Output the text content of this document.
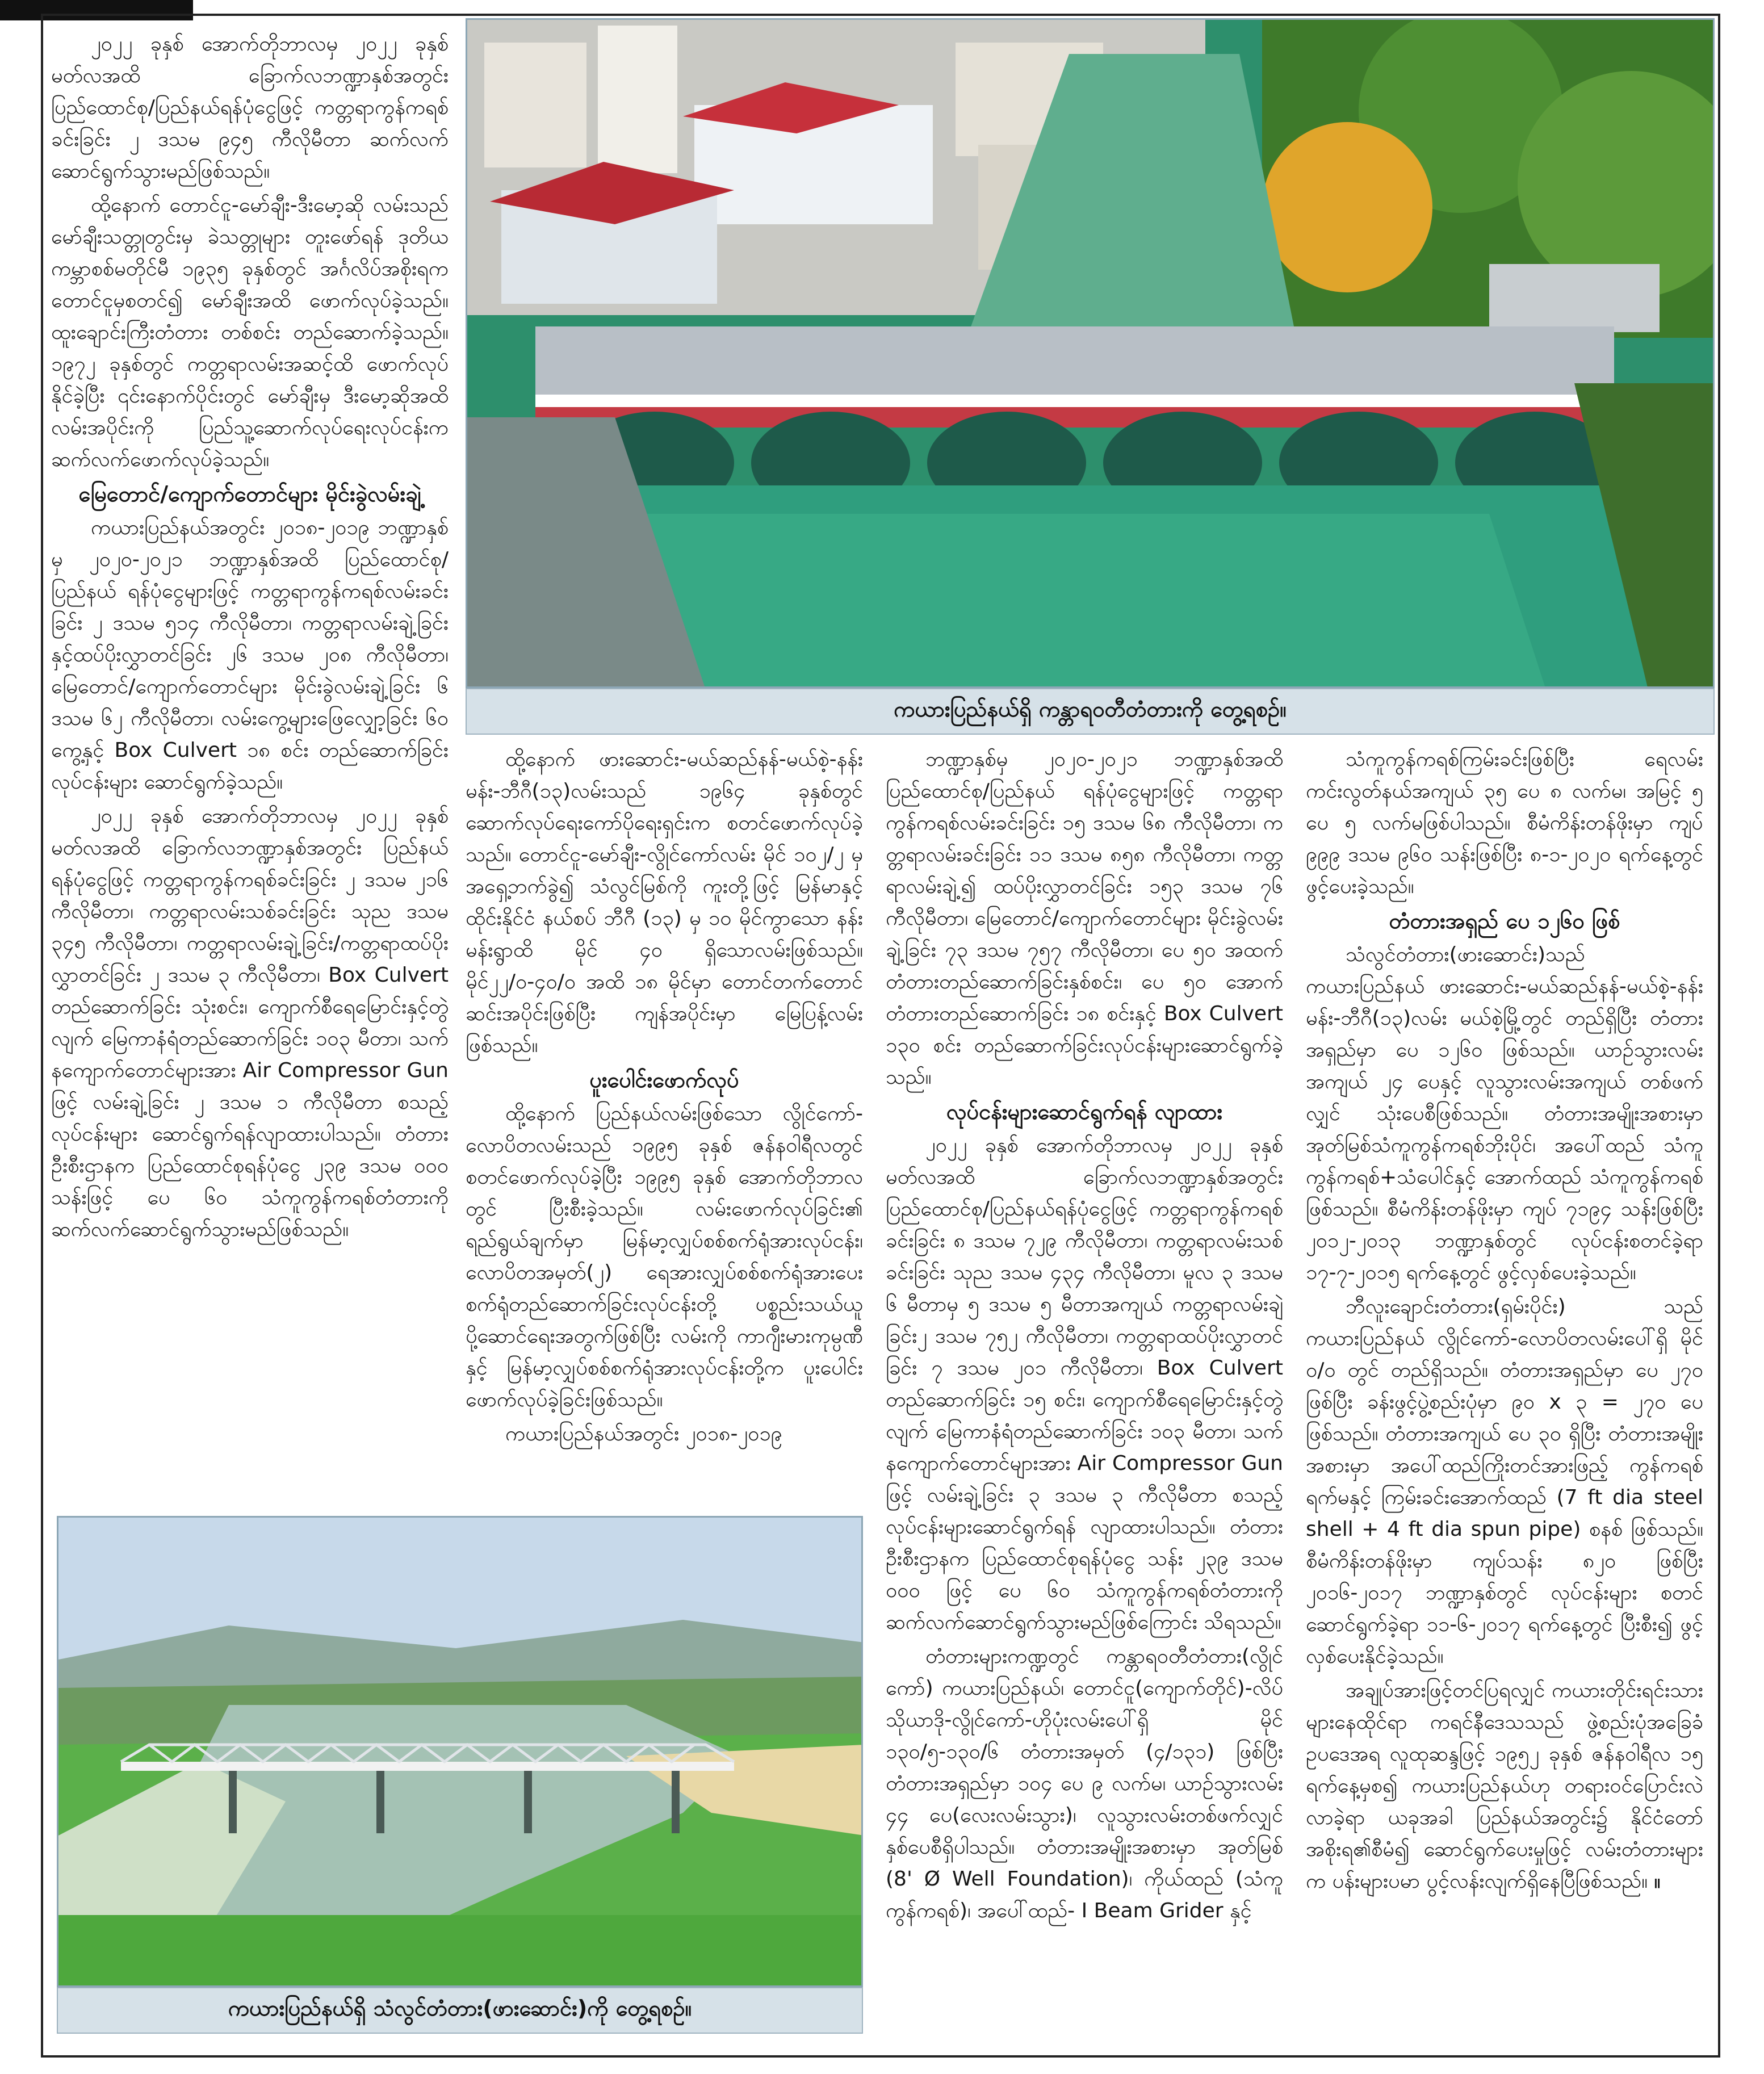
ကယားပြည်နယ်ရှိ ကန္တာရဝတီတံတားကို တွေ့ရစဉ်။

၂၀၂၂ ခုနှစ် အောက်တိုဘာလမှ ၂၀၂၂ ခုနှစ် မတ်လအထိ ခြောက်လဘဏ္ဍာနှစ်အတွင်း ပြည်ထောင်စု/ပြည်နယ်ရန်ပုံငွေဖြင့် ကတ္တရာကွန်ကရစ် ခင်းခြင်း ၂ ဒသမ ၉၄၅ ကီလိုမီတာ ဆက်လက်ဆောင်ရွက်သွားမည်ဖြစ်သည်။

ထို့နောက် တောင်ငူ-မော်ချီး-ဒီးမော့ဆို လမ်းသည် မော်ချီးသတ္တုတွင်းမှ ခဲသတ္တုများ တူးဖော်ရန် ဒုတိယကမ္ဘာစစ်မတိုင်မီ ၁၉၃၅ ခုနှစ်တွင် အင်္ဂလိပ်အစိုးရက တောင်ငူမှစတင်၍ မော်ချီးအထိ ဖောက်လုပ်ခဲ့သည်။ ထူးချောင်းကြီးတံတား တစ်စင်း တည်ဆောက်ခဲ့သည်။ ၁၉၇၂ ခုနှစ်တွင် ကတ္တရာလမ်းအဆင့်ထိ ဖောက်လုပ်နိုင်ခဲ့ပြီး ၎င်းနောက်ပိုင်းတွင် မော်ချီးမှ ဒီးမော့ဆိုအထိ လမ်းအပိုင်းကို ပြည်သူ့ဆောက်လုပ်ရေးလုပ်ငန်းက ဆက်လက်ဖောက်လုပ်ခဲ့သည်။

မြေတောင်/ကျောက်တောင်များ မိုင်းခွဲလမ်းချဲ့

ကယားပြည်နယ်အတွင်း ၂၀၁၈-၂၀၁၉ ဘဏ္ဍာနှစ်မှ ၂၀၂၀-၂၀၂၁ ဘဏ္ဍာနှစ်အထိ ပြည်ထောင်စု/ပြည်နယ် ရန်ပုံငွေများဖြင့် ကတ္တရာကွန်ကရစ်လမ်းခင်းခြင်း ၂ ဒသမ ၅၁၄ ကီလိုမီတာ၊ ကတ္တရာလမ်းချဲ့ခြင်းနှင့်ထပ်ပိုးလွှာတင်ခြင်း ၂၆ ဒသမ ၂၀၈ ကီလိုမီတာ၊ မြေတောင်/ကျောက်တောင်များ မိုင်းခွဲလမ်းချဲ့ခြင်း ၆ ဒသမ ၆၂ ကီလိုမီတာ၊ လမ်းကွေ့များဖြေလျှော့ခြင်း ၆၀ ကွေ့နှင့် Box Culvert ၁၈ စင်း တည်ဆောက်ခြင်းလုပ်ငန်းများ ဆောင်ရွက်ခဲ့သည်။

၂၀၂၂ ခုနှစ် အောက်တိုဘာလမှ ၂၀၂၂ ခုနှစ် မတ်လအထိ ခြောက်လဘဏ္ဍာနှစ်အတွင်း ပြည်နယ်ရန်ပုံငွေဖြင့် ကတ္တရာကွန်ကရစ်ခင်းခြင်း ၂ ဒသမ ၂၁၆ ကီလိုမီတာ၊ ကတ္တရာလမ်းသစ်ခင်းခြင်း သုည ဒသမ ၃၄၅ ကီလိုမီတာ၊ ကတ္တရာလမ်းချဲ့ခြင်း/ကတ္တရာထပ်ပိုးလွှာတင်ခြင်း ၂ ဒသမ ၃ ကီလိုမီတာ၊ Box Culvert တည်ဆောက်ခြင်း သုံးစင်း၊ ကျောက်စီရေမြောင်းနှင့်တွဲလျက် မြေကာနံရံတည်ဆောက်ခြင်း ၁၀၃ မီတာ၊ သက်နကျောက်တောင်များအား Air Compressor Gun ဖြင့် လမ်းချဲ့ခြင်း ၂ ဒသမ ၁ ကီလိုမီတာ စသည့်လုပ်ငန်းများ ဆောင်ရွက်ရန်လျာထားပါသည်။ တံတားဦးစီးဌာနက ပြည်ထောင်စုရန်ပုံငွေ ၂၃၉ ဒသမ ၀၀၀ သန်းဖြင့် ပေ ၆၀ သံကူကွန်ကရစ်တံတားကို ဆက်လက်ဆောင်ရွက်သွားမည်ဖြစ်သည်။

ထို့နောက် ဖားဆောင်း-မယ်ဆည်နန်-မယ်စဲ့-နန်းမန်း-ဘီဂီ(၁၃)လမ်းသည် ၁၉၆၄ ခုနှစ်တွင် ဆောက်လုပ်ရေးကော်ပိုရေးရှင်းက စတင်ဖောက်လုပ်ခဲ့သည်။ တောင်ငူ-မော်ချီး-လွိုင်ကော်လမ်း မိုင် ၁၀၂/၂ မှ အရှေ့ဘက်ခွဲ၍ သံလွင်မြစ်ကို ကူးတို့ဖြင့် မြန်မာနှင့် ထိုင်းနိုင်ငံ နယ်စပ် ဘီဂီ (၁၃) မှ ၁၀ မိုင်ကွာသော နန်းမန်းရွာထိ မိုင် ၄၀ ရှိသောလမ်းဖြစ်သည်။ မိုင်၂၂/၀-၄၀/၀ အထိ ၁၈ မိုင်မှာ တောင်တက်တောင်ဆင်းအပိုင်းဖြစ်ပြီး ကျန်အပိုင်းမှာ မြေပြန့်လမ်းဖြစ်သည်။

ပူးပေါင်းဖောက်လုပ်

ထို့နောက် ပြည်နယ်လမ်းဖြစ်သော လွိုင်ကော်-လောပိတလမ်းသည် ၁၉၉၅ ခုနှစ် ဇန်နဝါရီလတွင် စတင်ဖောက်လုပ်ခဲ့ပြီး ၁၉၉၅ ခုနှစ် အောက်တိုဘာလတွင် ပြီးစီးခဲ့သည်။ လမ်းဖောက်လုပ်ခြင်း၏ ရည်ရွယ်ချက်မှာ မြန်မာ့လျှပ်စစ်စက်ရုံအားလုပ်ငန်း၊ လောပိတအမှတ်(၂) ရေအားလျှပ်စစ်စက်ရုံအားပေးစက်ရုံတည်ဆောက်ခြင်းလုပ်ငန်းတို့ ပစ္စည်းသယ်ယူပို့ဆောင်ရေးအတွက်ဖြစ်ပြီး လမ်းကို ကာဂျီးမားကုမ္ပဏီနှင့် မြန်မာ့လျှပ်စစ်စက်ရုံအားလုပ်ငန်းတို့က ပူးပေါင်းဖောက်လုပ်ခဲ့ခြင်းဖြစ်သည်။

ကယားပြည်နယ်အတွင်း ၂၀၁၈-၂၀၁၉

ဘဏ္ဍာနှစ်မှ ၂၀၂၀-၂၀၂၁ ဘဏ္ဍာနှစ်အထိ ပြည်ထောင်စု/ပြည်နယ် ရန်ပုံငွေများဖြင့် ကတ္တရာကွန်ကရစ်လမ်းခင်းခြင်း ၁၅ ဒသမ ၆၈ ကီလိုမီတာ၊ ကတ္တရာလမ်းခင်းခြင်း ၁၁ ဒသမ ၈၅၈ ကီလိုမီတာ၊ ကတ္တရာလမ်းချဲ့၍ ထပ်ပိုးလွှာတင်ခြင်း ၁၅၃ ဒသမ ၇၆ ကီလိုမီတာ၊ မြေတောင်/ကျောက်တောင်များ မိုင်းခွဲလမ်းချဲ့ခြင်း ၇၃ ဒသမ ၇၅၇ ကီလိုမီတာ၊ ပေ ၅၀ အထက် တံတားတည်ဆောက်ခြင်းနှစ်စင်း၊ ပေ ၅၀ အောက် တံတားတည်ဆောက်ခြင်း ၁၈ စင်းနှင့် Box Culvert ၁၃၀ စင်း တည်ဆောက်ခြင်းလုပ်ငန်းများဆောင်ရွက်ခဲ့သည်။

လုပ်ငန်းများဆောင်ရွက်ရန် လျာထား

၂၀၂၂ ခုနှစ် အောက်တိုဘာလမှ ၂၀၂၂ ခုနှစ် မတ်လအထိ ခြောက်လဘဏ္ဍာနှစ်အတွင်း ပြည်ထောင်စု/ပြည်နယ်ရန်ပုံငွေဖြင့် ကတ္တရာကွန်ကရစ် ခင်းခြင်း ၈ ဒသမ ၇၂၉ ကီလိုမီတာ၊ ကတ္တရာလမ်းသစ်ခင်းခြင်း သုည ဒသမ ၄၃၄ ကီလိုမီတာ၊ မူလ ၃ ဒသမ ၆ မီတာမှ ၅ ဒသမ ၅ မီတာအကျယ် ကတ္တရာလမ်းချဲ့ခြင်း၂ ဒသမ ၇၅၂ ကီလိုမီတာ၊ ကတ္တရာထပ်ပိုးလွှာတင်ခြင်း ၇ ဒသမ ၂၀၁ ကီလိုမီတာ၊ Box Culvert တည်ဆောက်ခြင်း ၁၅ စင်း၊ ကျောက်စီရေမြောင်းနှင့်တွဲလျက် မြေကာနံရံတည်ဆောက်ခြင်း ၁၀၃ မီတာ၊ သက်နကျောက်တောင်များအား Air Compressor Gun ဖြင့် လမ်းချဲ့ခြင်း ၃ ဒသမ ၃ ကီလိုမီတာ စသည့်လုပ်ငန်းများဆောင်ရွက်ရန် လျာထားပါသည်။ တံတားဦးစီးဌာနက ပြည်ထောင်စုရန်ပုံငွေ သန်း ၂၃၉ ဒသမ ၀၀၀ ဖြင့် ပေ ၆၀ သံကူကွန်ကရစ်တံတားကို ဆက်လက်ဆောင်ရွက်သွားမည်ဖြစ်ကြောင်း သိရသည်။

တံတားများကဏ္ဍတွင် ကန္တာရဝတီတံတား(လွိုင်ကော်) ကယားပြည်နယ်၊ တောင်ငူ(ကျောက်တိုင်)-လိပ်သိုယာဒို-လွိုင်ကော်-ဟိုပုံးလမ်းပေါ်ရှိ မိုင် ၁၃၀/၅-၁၃၀/၆ တံတားအမှတ် (၄/၁၃၁) ဖြစ်ပြီး တံတားအရှည်မှာ ၁၀၄ ပေ ၉ လက်မ၊ ယာဉ်သွားလမ်း ၄၄ ပေ(လေးလမ်းသွား)၊ လူသွားလမ်းတစ်ဖက်လျှင် နှစ်ပေစီရှိပါသည်။ တံတားအမျိုးအစားမှာ အုတ်မြစ် (8' Ø Well Foundation)၊ ကိုယ်ထည် (သံကူကွန်ကရစ်)၊ အပေါ်ထည်- I Beam Grider နှင့်

သံကူကွန်ကရစ်ကြမ်းခင်းဖြစ်ပြီး ရေလမ်းကင်းလွတ်နယ်အကျယ် ၃၅ ပေ ၈ လက်မ၊ အမြင့် ၅ ပေ ၅ လက်မဖြစ်ပါသည်။ စီမံကိန်းတန်ဖိုးမှာ ကျပ် ၉၉၉ ဒသမ ၉၆၀ သန်းဖြစ်ပြီး ၈-၁-၂၀၂၀ ရက်နေ့တွင် ဖွင့်ပေးခဲ့သည်။

တံတားအရှည် ပေ ၁၂၆၀ ဖြစ်

သံလွင်တံတား(ဖားဆောင်း)သည် ကယားပြည်နယ် ဖားဆောင်း-မယ်ဆည်နန်-မယ်စဲ့-နန်းမန်း-ဘီဂီ(၁၃)လမ်း မယ်စဲ့မြို့တွင် တည်ရှိပြီး တံတားအရှည်မှာ ပေ ၁၂၆၀ ဖြစ်သည်။ ယာဉ်သွားလမ်းအကျယ် ၂၄ ပေနှင့် လူသွားလမ်းအကျယ် တစ်ဖက်လျှင် သုံးပေစီဖြစ်သည်။ တံတားအမျိုးအစားမှာ အုတ်မြစ်သံကူကွန်ကရစ်ဘိုးပိုင်၊ အပေါ်ထည် သံကူကွန်ကရစ်+သံပေါင်နှင့် အောက်ထည် သံကူကွန်ကရစ်ဖြစ်သည်။ စီမံကိန်းတန်ဖိုးမှာ ကျပ် ၇၁၉၄ သန်းဖြစ်ပြီး ၂၀၁၂-၂၀၁၃ ဘဏ္ဍာနှစ်တွင် လုပ်ငန်းစတင်ခဲ့ရာ ၁၇-၇-၂၀၁၅ ရက်နေ့တွင် ဖွင့်လှစ်ပေးခဲ့သည်။

ဘီလူးချောင်းတံတား(ရှမ်းပိုင်း) သည် ကယားပြည်နယ် လွိုင်ကော်-လောပိတလမ်းပေါ်ရှိ မိုင် ၀/၀ တွင် တည်ရှိသည်။ တံတားအရှည်မှာ ပေ ၂၇၀ ဖြစ်ပြီး ခန်းဖွင့်ပွဲ့စည်းပုံမှာ ၉၀ x ၃ = ၂၇၀ ပေ ဖြစ်သည်။ တံတားအကျယ် ပေ ၃၀ ရှိပြီး တံတားအမျိုးအစားမှာ အပေါ်ထည်ကြိုးတင်အားဖြည့် ကွန်ကရစ်ရက်မနှင့် ကြမ်းခင်းအောက်ထည် (7 ft dia steel shell + 4 ft dia spun pipe) စနစ် ဖြစ်သည်။ စီမံကိန်းတန်ဖိုးမှာ ကျပ်သန်း ၈၂၀ ဖြစ်ပြီး ၂၀၁၆-၂၀၁၇ ဘဏ္ဍာနှစ်တွင် လုပ်ငန်းများ စတင်ဆောင်ရွက်ခဲ့ရာ ၁၁-၆-၂၀၁၇ ရက်နေ့တွင် ပြီးစီး၍ ဖွင့်လှစ်ပေးနိုင်ခဲ့သည်။

အချုပ်အားဖြင့်တင်ပြရလျှင် ကယားတိုင်းရင်းသားများနေထိုင်ရာ ကရင်နီဒေသသည် ဖွဲ့စည်းပုံအခြေခံဥပဒေအရ လူထုဆန္ဒဖြင့် ၁၉၅၂ ခုနှစ် ဇန်နဝါရီလ ၁၅ ရက်နေ့မှစ၍ ကယားပြည်နယ်ဟု တရားဝင်ပြောင်းလဲလာခဲ့ရာ ယခုအခါ ပြည်နယ်အတွင်း၌ နိုင်ငံတော်အစိုးရ၏စီမံ၍ ဆောင်ရွက်ပေးမှုဖြင့် လမ်းတံတားများက ပန်းများပမာ ပွင့်လန်းလျက်ရှိနေပြီဖြစ်သည်။ ။

ကယားပြည်နယ်ရှိ သံလွင်တံတား(ဖားဆောင်း)ကို တွေ့ရစဉ်။
